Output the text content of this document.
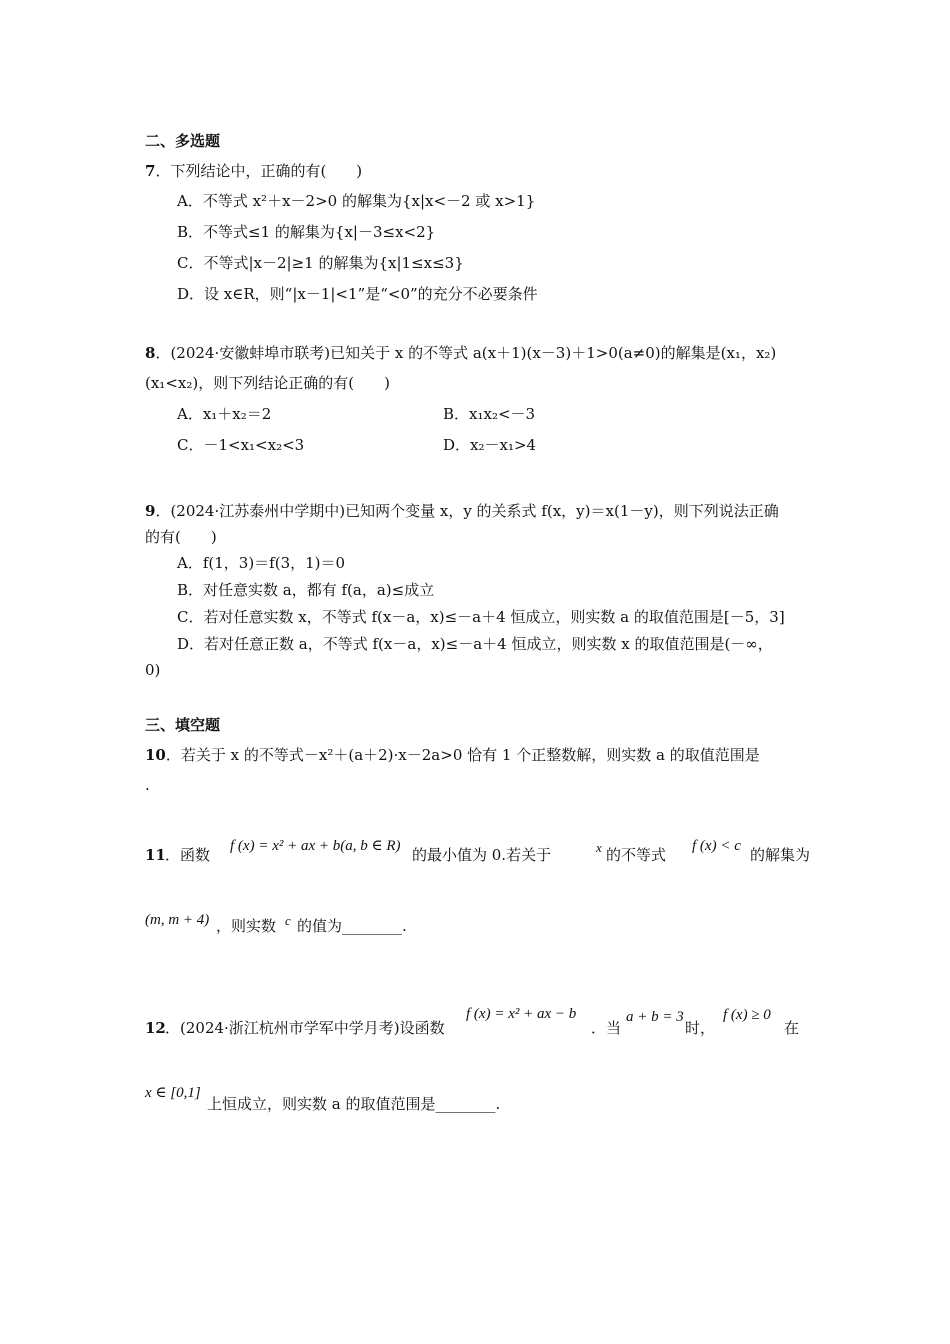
二、多选题
7．下列结论中，正确的有(　　)
A．不等式 x²＋x－2>0 的解集为{x|x<－2 或 x>1}
B．不等式≤1 的解集为{x|－3≤x<2}
C．不等式|x－2|≥1 的解集为{x|1≤x≤3}
D．设 x∈R，则“|x－1|<1”是“<0”的充分不必要条件
8．(2024·安徽蚌埠市联考)已知关于 x 的不等式 a(x＋1)(x－3)＋1>0(a≠0)的解集是(x₁，x₂)
(x₁<x₂)，则下列结论正确的有(　　)
A．x₁＋x₂＝2	B．x₁x₂<－3
C．－1<x₁<x₂<3	D．x₂－x₁>4
9．(2024·江苏泰州中学期中)已知两个变量 x，y 的关系式 f(x，y)＝x(1－y)，则下列说法正确
的有(　　)
A．f(1，3)＝f(3，1)＝0
B．对任意实数 a，都有 f(a，a)≤成立
C．若对任意实数 x，不等式 f(x－a，x)≤－a＋4 恒成立，则实数 a 的取值范围是[－5，3]
D．若对任意正数 a，不等式 f(x－a，x)≤－a＋4 恒成立，则实数 x 的取值范围是(－∞，
0)
三、填空题
10．若关于 x 的不等式－x²＋(a＋2)·x－2a>0 恰有 1 个正整数解，则实数 a 的取值范围是
.
11 ．函数 f (x) = x² + ax + b(a, b ∈ R) 的最小值为 0.若关于	x 的不等式 f (x) < c 的解集为
(m, m + 4) ，则实数 c 的值为________.
12 ．(2024·浙江杭州市学军中学月考)设函数
f (x) = x² + ax − b
．当
a + b = 3
时，
f (x) ≥ 0
在
x ∈ [0,1]
上恒成立，则实数 a 的取值范围是________.
